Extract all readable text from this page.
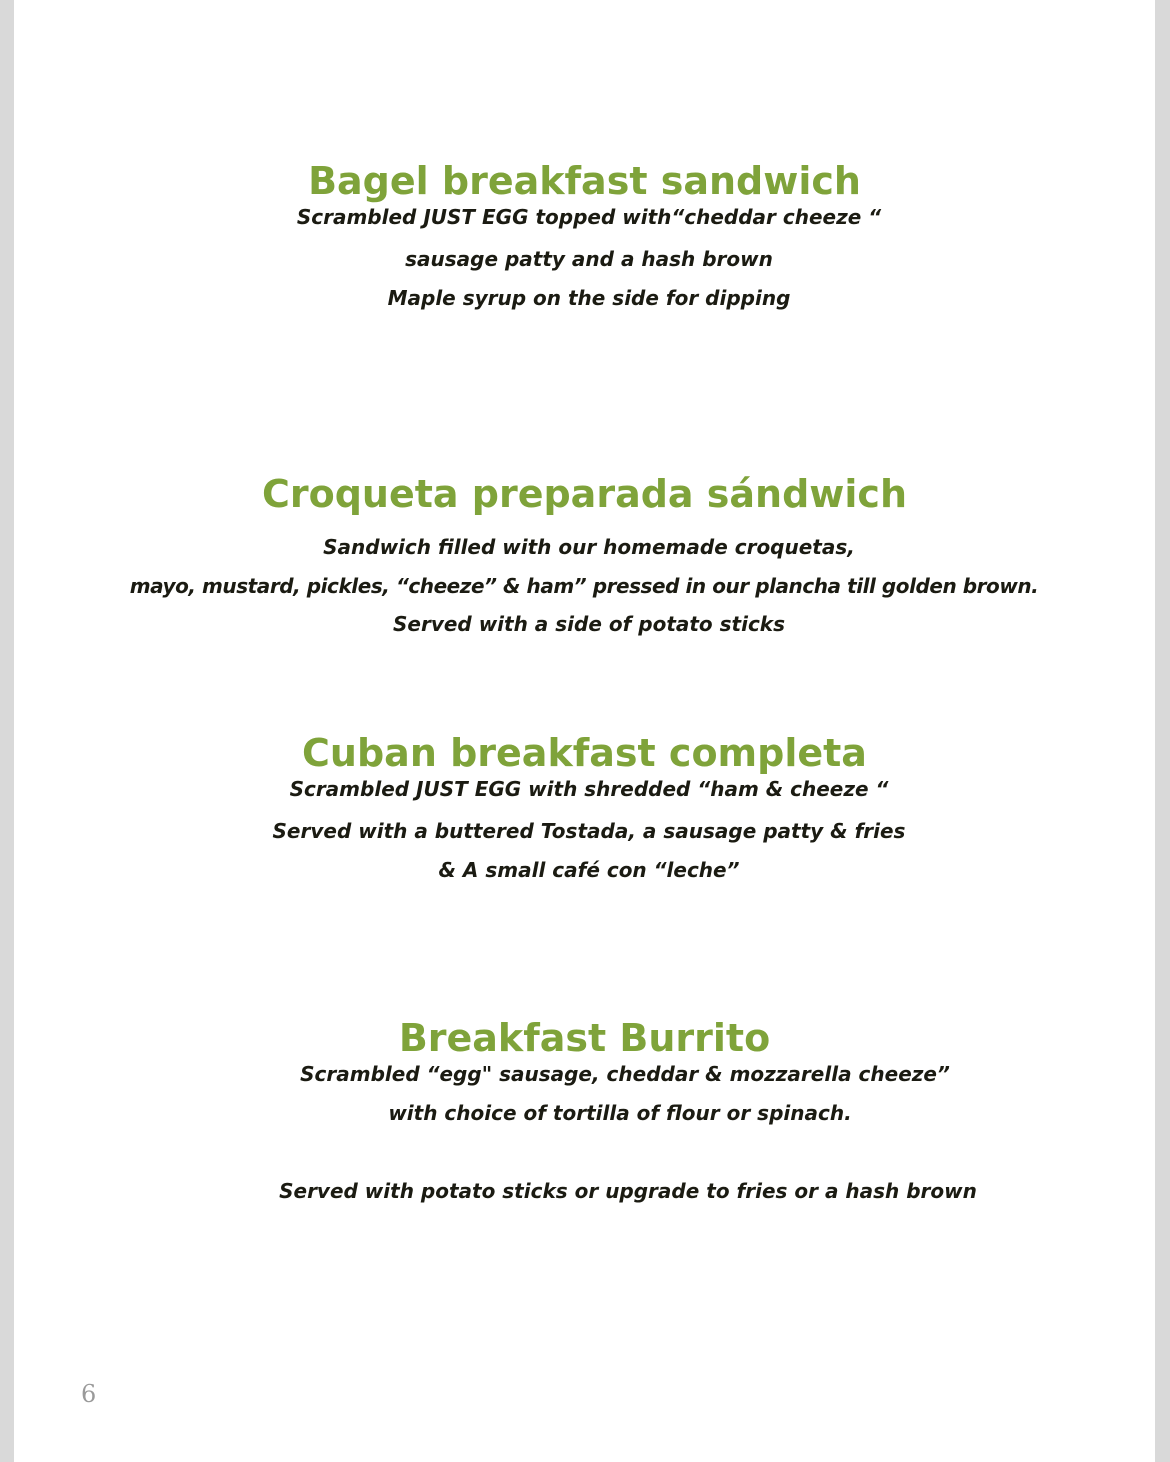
Bagel breakfast sandwich

Scrambled JUST EGG topped with“cheddar cheeze “

sausage patty and a hash brown

Maple syrup on the side for dipping

Croqueta preparada sándwich

Sandwich filled with our homemade croquetas,

mayo, mustard, pickles, “cheeze” & ham” pressed in our plancha till golden brown.

Served with a side of potato sticks

Cuban breakfast completa

Scrambled JUST EGG with shredded “ham & cheeze “

Served with a buttered Tostada, a sausage patty & fries

& A small café con “leche”

Breakfast Burrito

Scrambled “egg" sausage, cheddar & mozzarella cheeze”

with choice of tortilla of flour or spinach.

Served with potato sticks or upgrade to fries or a hash brown

6
